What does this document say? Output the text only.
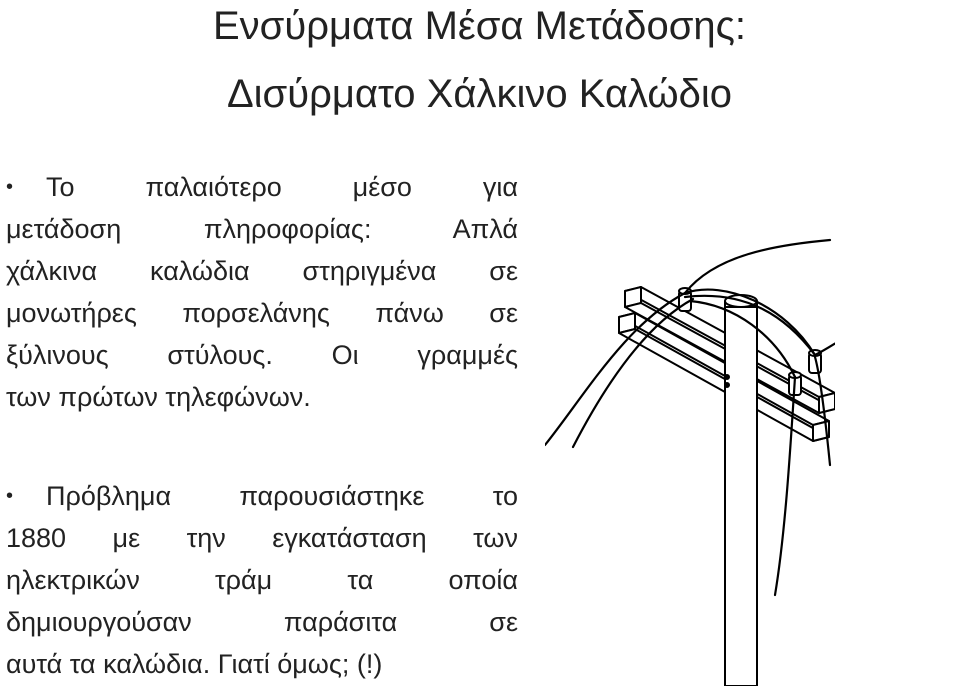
Ενσύρματα Μέσα Μετάδοσης:
Δισύρματο Χάλκινο Καλώδιο
• Το παλαιότερο μέσο για
μετάδοση πληροφορίας: Απλά
χάλκινα καλώδια στηριγμένα σε
μονωτήρες πορσελάνης πάνω σε
ξύλινους στύλους. Οι γραμμές
των πρώτων τηλεφώνων.
• Πρόβλημα παρουσιάστηκε το
1880 με την εγκατάσταση των
ηλεκτρικών τράμ τα οποία
δημιουργούσαν παράσιτα σε
αυτά τα καλώδια. Γιατί όμως; (!)
